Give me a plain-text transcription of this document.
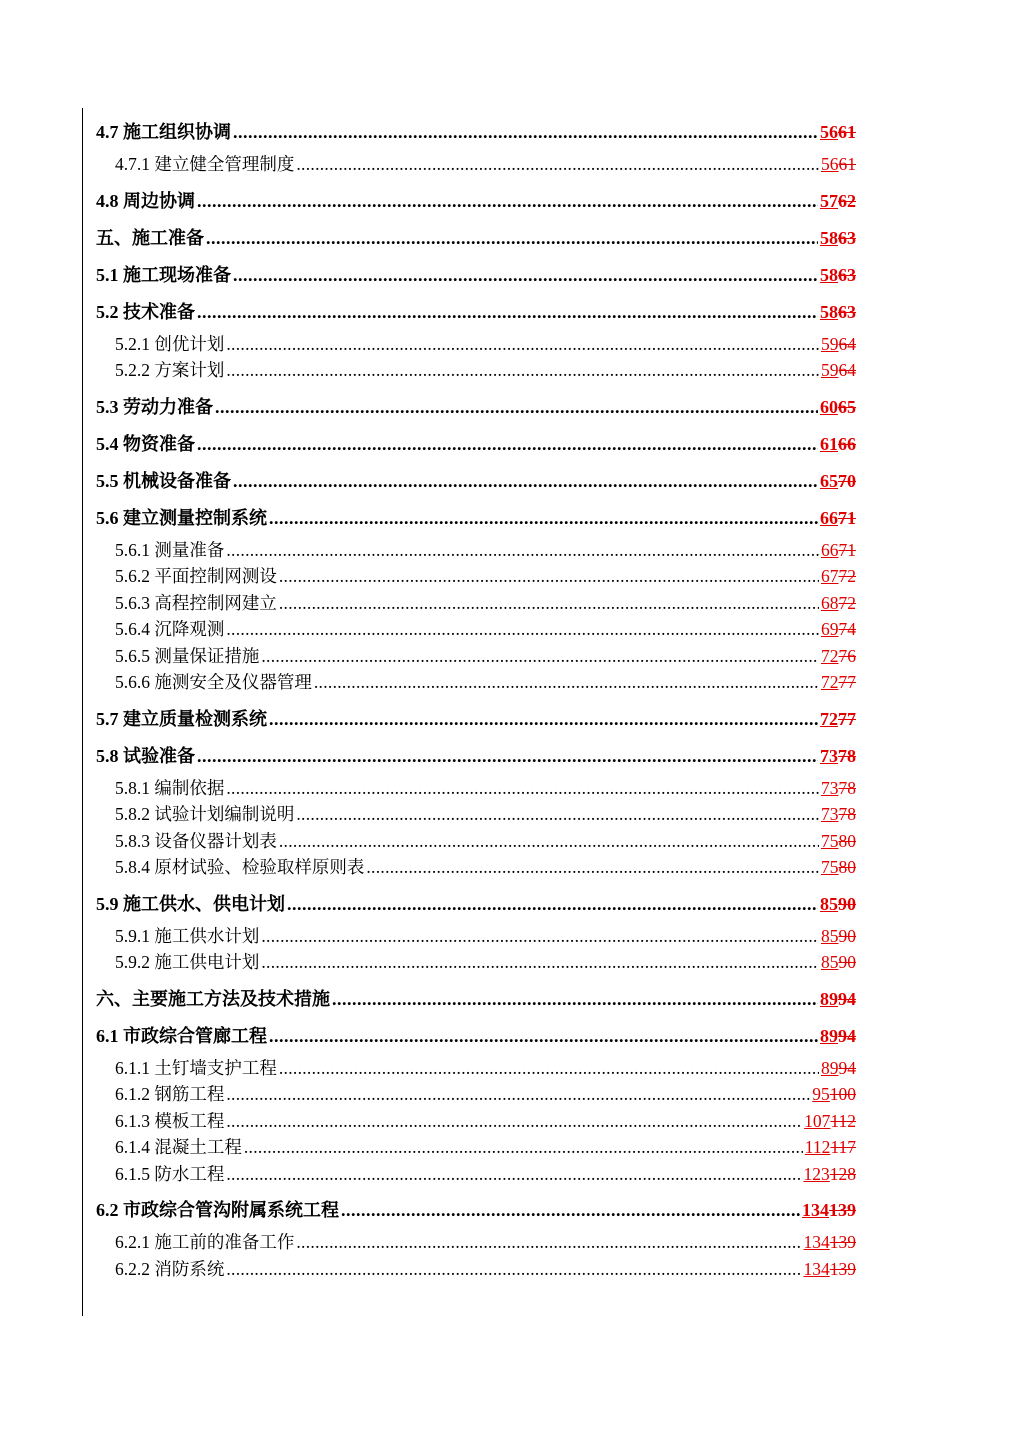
4.7 施工组织协调 .....	5661
4.7.1 建立健全管理制度 .....	5661
4.8 周边协调 .....	5762
五、施工准备 .....	5863
5.1 施工现场准备 .....	5863
5.2 技术准备 .....	5863
5.2.1 创优计划 .....	5964
5.2.2 方案计划 .....	5964
5.3 劳动力准备 .....	6065
5.4 物资准备 .....	6166
5.5 机械设备准备 .....	6570
5.6 建立测量控制系统 .....	6671
5.6.1 测量准备 .....	6671
5.6.2 平面控制网测设 .....	6772
5.6.3 高程控制网建立 .....	6872
5.6.4 沉降观测 .....	6974
5.6.5 测量保证措施 .....	7276
5.6.6 施测安全及仪器管理 .....	7277
5.7 建立质量检测系统 .....	7277
5.8 试验准备 .....	7378
5.8.1 编制依据 .....	7378
5.8.2 试验计划编制说明 .....	7378
5.8.3 设备仪器计划表 .....	7580
5.8.4 原材试验、检验取样原则表 .....	7580
5.9 施工供水、供电计划 .....	8590
5.9.1 施工供水计划 .....	8590
5.9.2 施工供电计划 .....	8590
六、主要施工方法及技术措施 .....	8994
6.1 市政综合管廊工程 .....	8994
6.1.1 土钉墙支护工程 .....	8994
6.1.2 钢筋工程 .....	95100
6.1.3 模板工程 .....	107112
6.1.4 混凝土工程 .....	112117
6.1.5 防水工程 .....	123128
6.2 市政综合管沟附属系统工程 .....	134139
6.2.1 施工前的准备工作 .....	134139
6.2.2 消防系统 .....	134139
